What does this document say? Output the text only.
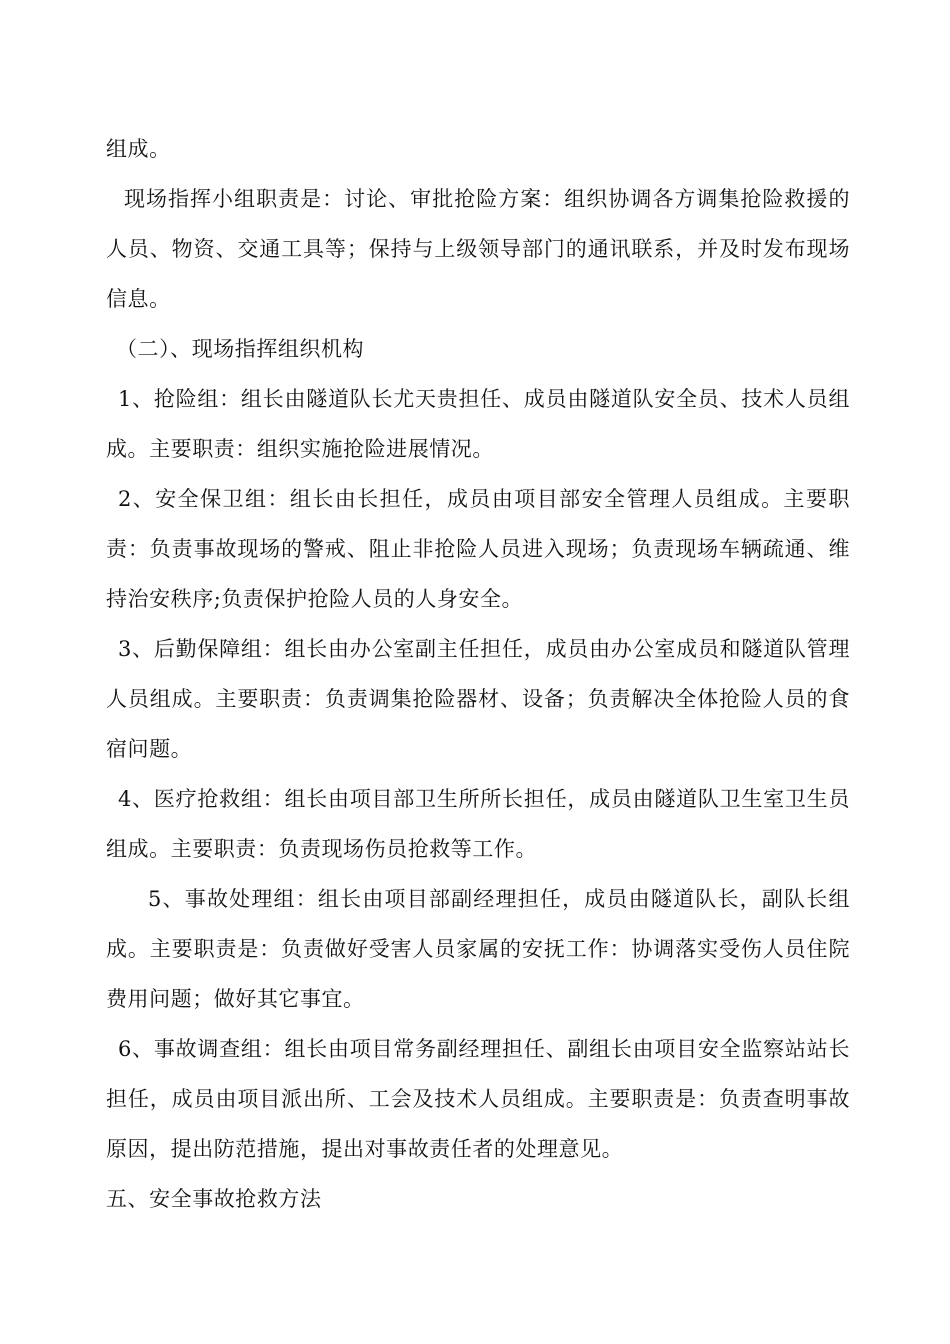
组成。

现场指挥小组职责是：讨论、审批抢险方案：组织协调各方调集抢险救援的人员、物资、交通工具等；保持与上级领导部门的通讯联系，并及时发布现场信息。

（二）、现场指挥组织机构

1、抢险组：组长由隧道队长尤天贵担任、成员由隧道队安全员、技术人员组成。主要职责：组织实施抢险进展情况。

2、安全保卫组：组长由长担任，成员由项目部安全管理人员组成。主要职责：负责事故现场的警戒、阻止非抢险人员进入现场；负责现场车辆疏通、维持治安秩序;负责保护抢险人员的人身安全。

3、后勤保障组：组长由办公室副主任担任，成员由办公室成员和隧道队管理人员组成。主要职责：负责调集抢险器材、设备；负责解决全体抢险人员的食宿问题。

4、医疗抢救组：组长由项目部卫生所所长担任，成员由隧道队卫生室卫生员组成。主要职责：负责现场伤员抢救等工作。

5、事故处理组：组长由项目部副经理担任，成员由隧道队长，副队长组成。主要职责是：负责做好受害人员家属的安抚工作：协调落实受伤人员住院费用问题；做好其它事宜。

6、事故调查组：组长由项目常务副经理担任、副组长由项目安全监察站站长担任，成员由项目派出所、工会及技术人员组成。主要职责是：负责查明事故原因，提出防范措施，提出对事故责任者的处理意见。

五、安全事故抢救方法
